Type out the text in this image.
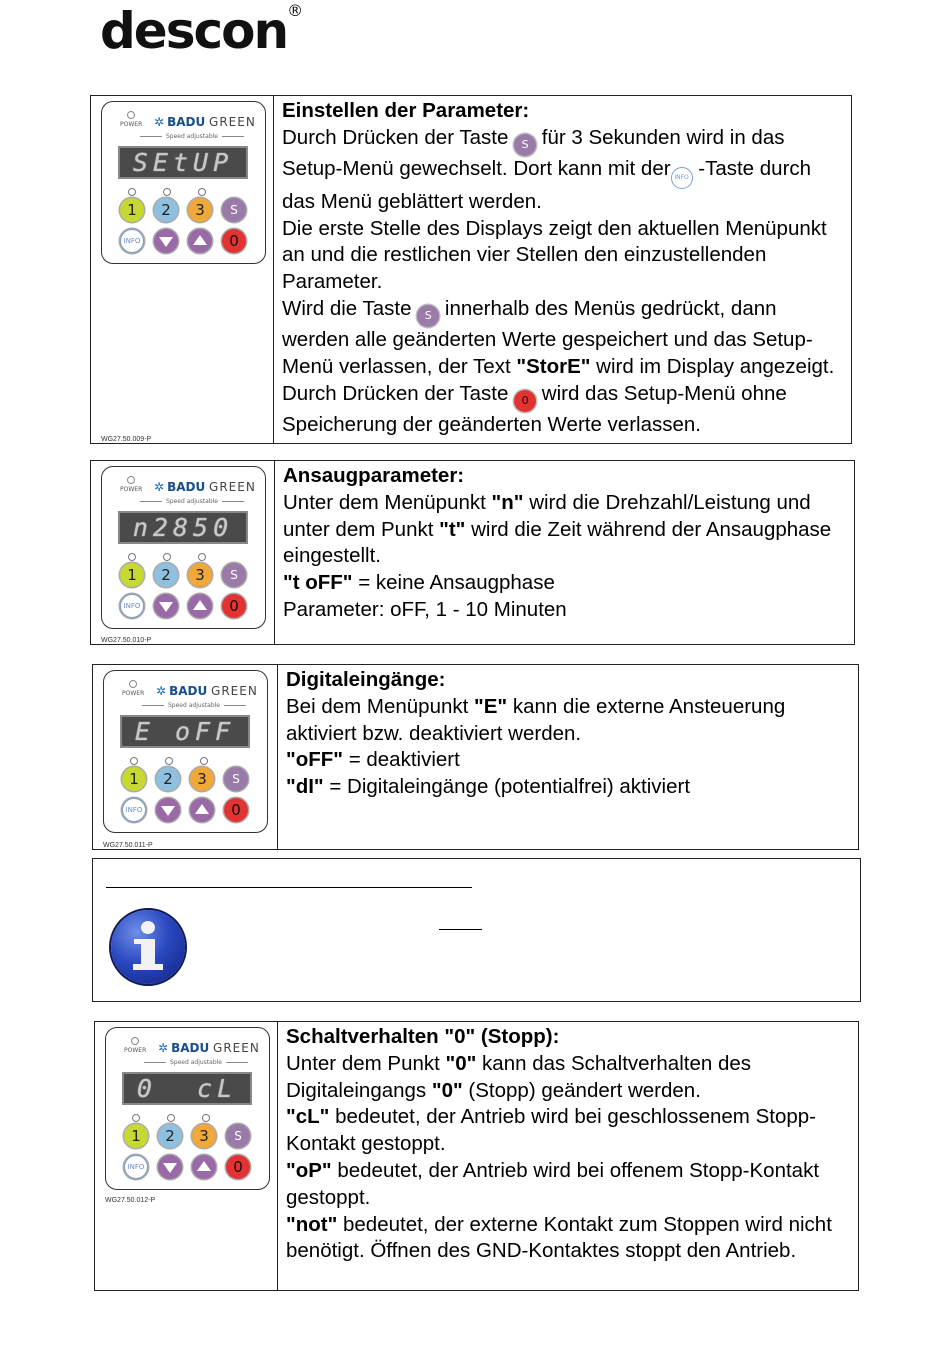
descon®
POWER ✲ BADU GREEN
Speed adjustable
SEtUP
1	2	3	S
INFO	0
WG27.50.009-P
Einstellen der Parameter:

Durch Drücken der Taste S für 3 Sekunden wird in das Setup-Menü gewechselt. Dort kann mit der INFO -Taste durch das Menü geblättert werden.

Die erste Stelle des Displays zeigt den aktuellen Menüpunkt an und die restlichen vier Stellen den einzustellenden Parameter.

Wird die Taste S innerhalb des Menüs gedrückt, dann werden alle geänderten Werte gespeichert und das Setup-Menü verlassen, der Text "StorE" wird im Display angezeigt.

Durch Drücken der Taste 0 wird das Setup-Menü ohne Speicherung der geänderten Werte verlassen.

POWER ✲ BADU GREEN
Speed adjustable
n2850
1	2	3	S
INFO	0
WG27.50.010-P
Ansaugparameter:

Unter dem Menüpunkt "n" wird die Drehzahl/Leistung und unter dem Punkt "t" wird die Zeit während der Ansaugphase eingestellt.

"t oFF" = keine Ansaugphase

Parameter: oFF, 1 - 10 Minuten

POWER ✲ BADU GREEN
Speed adjustable
E oFF
1	2	3	S
INFO	0
WG27.50.011-P
Digitaleingänge:

Bei dem Menüpunkt "E" kann die externe Ansteuerung aktiviert bzw. deaktiviert werden.

"oFF" = deaktiviert

"dI" = Digitaleingänge (potentialfrei) aktiviert

POWER ✲ BADU GREEN
Speed adjustable
0  cL
1	2	3	S
INFO	0
WG27.50.012-P
Schaltverhalten "0" (Stopp):

Unter dem Punkt "0" kann das Schaltverhalten des Digitaleingangs "0" (Stopp) geändert werden.

"cL" bedeutet, der Antrieb wird bei geschlossenem Stopp-Kontakt gestoppt.

"oP" bedeutet, der Antrieb wird bei offenem Stopp-Kontakt gestoppt.

"not" bedeutet, der externe Kontakt zum Stoppen wird nicht benötigt. Öffnen des GND-Kontaktes stoppt den Antrieb.
